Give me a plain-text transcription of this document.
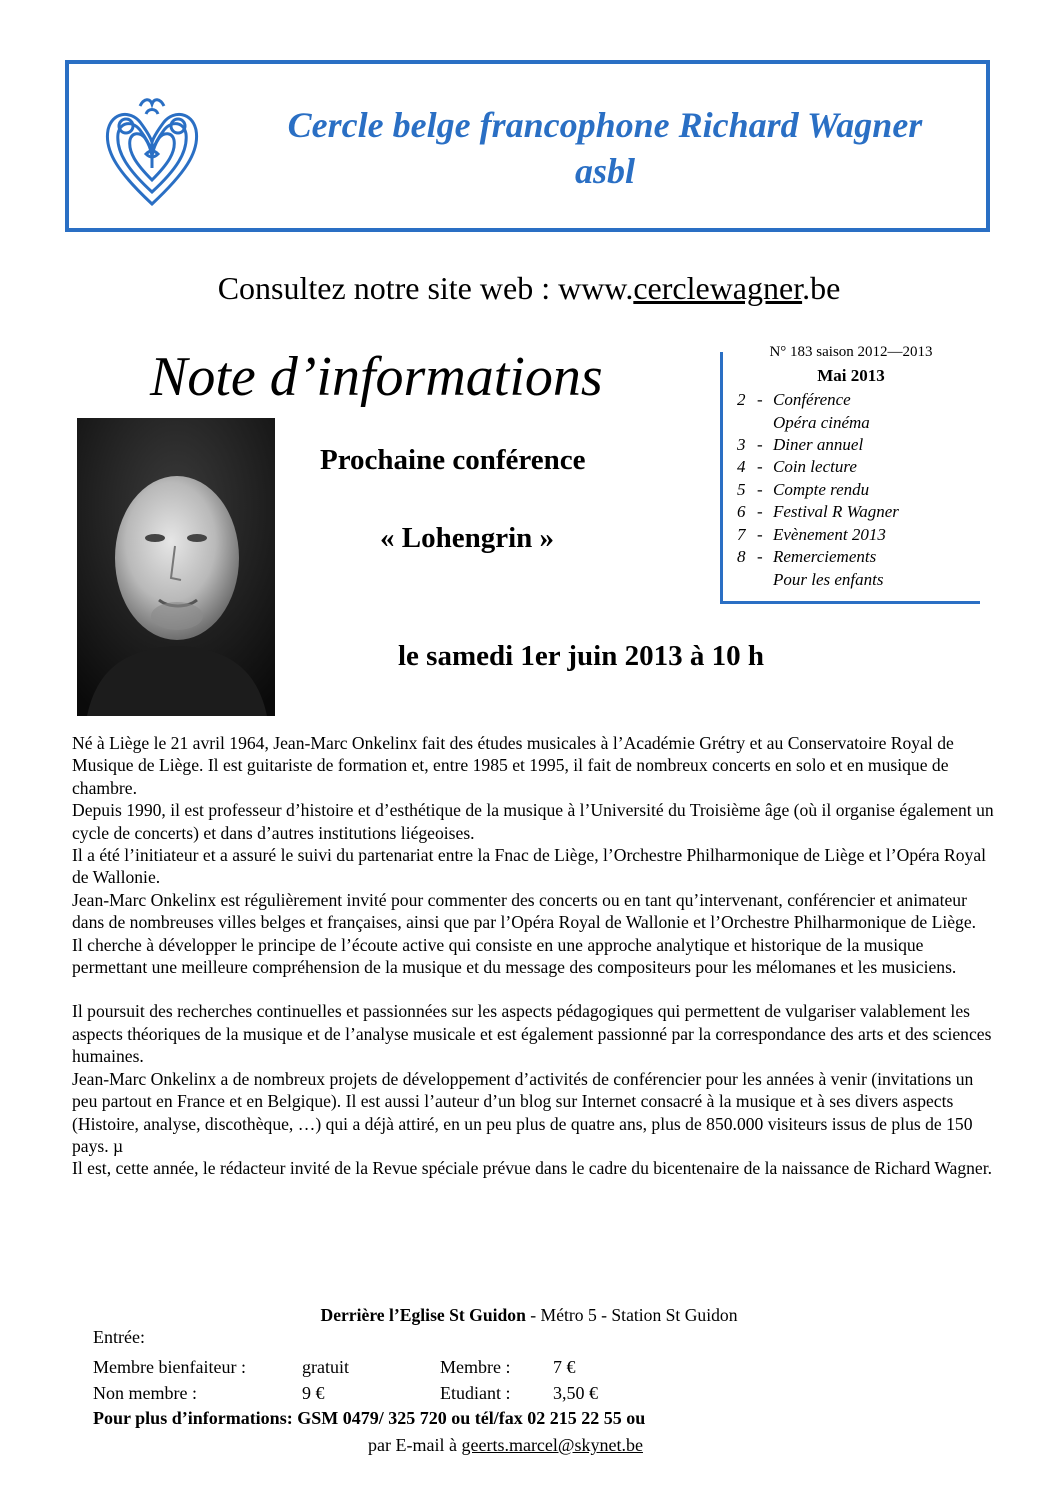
Cercle belge francophone Richard Wagner
asbl
Consultez notre site web : www.cerclewagner.be
Note d’informations	N° 183 saison 2012—2013
Mai 2013
2 - Conférence
Opéra cinéma
3 - Diner annuel
4 - Coin lecture
5 - Compte rendu
6 - Festival R Wagner
7 - Evènement 2013
8 - Remerciements
Pour les enfants
Prochaine conférence
« Lohengrin »
le samedi 1er juin 2013 à 10 h

Né à Liège le 21 avril 1964, Jean-Marc Onkelinx fait des études musicales à l’Académie Grétry et au Conservatoire Royal de Musique de Liège. Il est guitariste de formation et, entre 1985 et 1995, il fait de nombreux concerts en solo et en musique de chambre.

Depuis 1990, il est professeur d’histoire et d’esthétique de la musique à l’Université du Troisième âge (où il organise également un cycle de concerts) et dans d’autres institutions liégeoises.

Il a été l’initiateur et a assuré le suivi du partenariat entre la Fnac de Liège, l’Orchestre Philharmonique de Liège et l’Opéra Royal de Wallonie.

Jean-Marc Onkelinx est régulièrement invité pour commenter des concerts ou en tant qu’intervenant, conférencier et animateur dans de nombreuses villes belges et françaises, ainsi que par l’Opéra Royal de Wallonie et l’Orchestre Philharmonique de Liège.

Il cherche à développer le principe de l’écoute active qui consiste en une approche analytique et historique de la musique permettant une meilleure compréhension de la musique et du message des compositeurs pour les mélomanes et les musiciens.

Il poursuit des recherches continuelles et passionnées sur les aspects pédagogiques qui permettent de vulgariser valablement les aspects théoriques de la musique et de l’analyse musicale et est également passionné par la correspondance des arts et des sciences humaines.

Jean-Marc Onkelinx a de nombreux projets de développement d’activités de conférencier pour les années à venir (invitations un peu partout en France et en Belgique). Il est aussi l’auteur d’un blog sur Internet consacré à la musique et à ses divers aspects (Histoire, analyse, discothèque, …) qui a déjà attiré, en un peu plus de quatre ans, plus de 850.000 visiteurs issus de plus de 150 pays. µ

Il est, cette année, le rédacteur invité de la Revue spéciale prévue dans le cadre du bicentenaire de la naissance de Richard Wagner.

Derrière l’Eglise St Guidon - Métro 5 - Station St Guidon
Entrée:
Membre bienfaiteur :	gratuit	Membre : 7 €
Non membre :	9 €	Etudiant : 3,50 €
Pour plus d’informations: GSM 0479/ 325 720 ou tél/fax 02 215 22 55 ou
par E-mail à geerts.marcel@skynet.be
